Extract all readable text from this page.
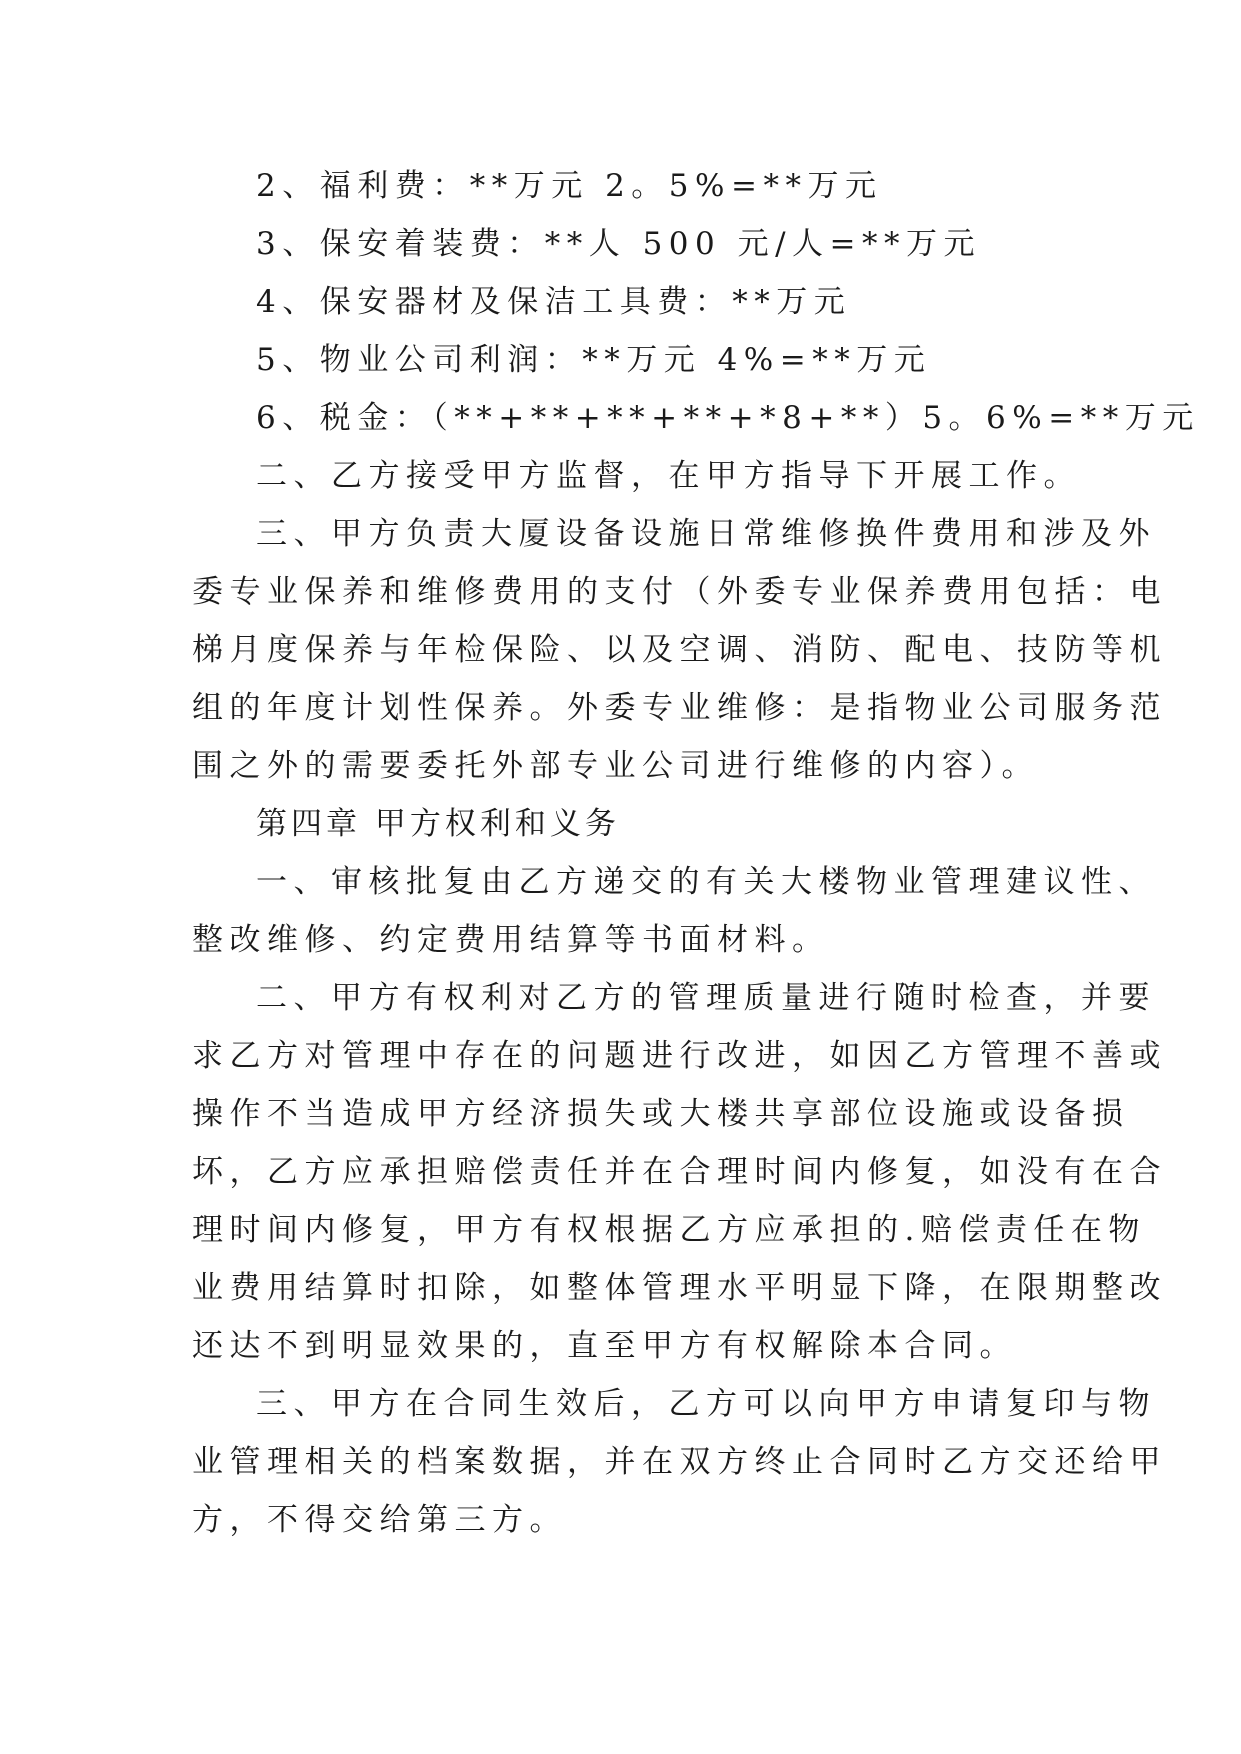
2、福利费：**万元 2。5%=**万元
3、保安着装费：**人 500 元/人=**万元
4、保安器材及保洁工具费：**万元
5、物业公司利润：**万元 4%=**万元
6、税金：（**+**+**+**+*8+**）5。6%=**万元
二、乙方接受甲方监督，在甲方指导下开展工作。
三、甲方负责大厦设备设施日常维修换件费用和涉及外
委专业保养和维修费用的支付（外委专业保养费用包括：电
梯月度保养与年检保险、以及空调、消防、配电、技防等机
组的年度计划性保养。外委专业维修：是指物业公司服务范
围之外的需要委托外部专业公司进行维修的内容）。
第四章 甲方权利和义务
一、审核批复由乙方递交的有关大楼物业管理建议性、
整改维修、约定费用结算等书面材料。
二、甲方有权利对乙方的管理质量进行随时检查，并要
求乙方对管理中存在的问题进行改进，如因乙方管理不善或
操作不当造成甲方经济损失或大楼共享部位设施或设备损
坏，乙方应承担赔偿责任并在合理时间内修复，如没有在合
理时间内修复，甲方有权根据乙方应承担的.赔偿责任在物
业费用结算时扣除，如整体管理水平明显下降，在限期整改
还达不到明显效果的，直至甲方有权解除本合同。
三、甲方在合同生效后，乙方可以向甲方申请复印与物
业管理相关的档案数据，并在双方终止合同时乙方交还给甲
方，不得交给第三方。
